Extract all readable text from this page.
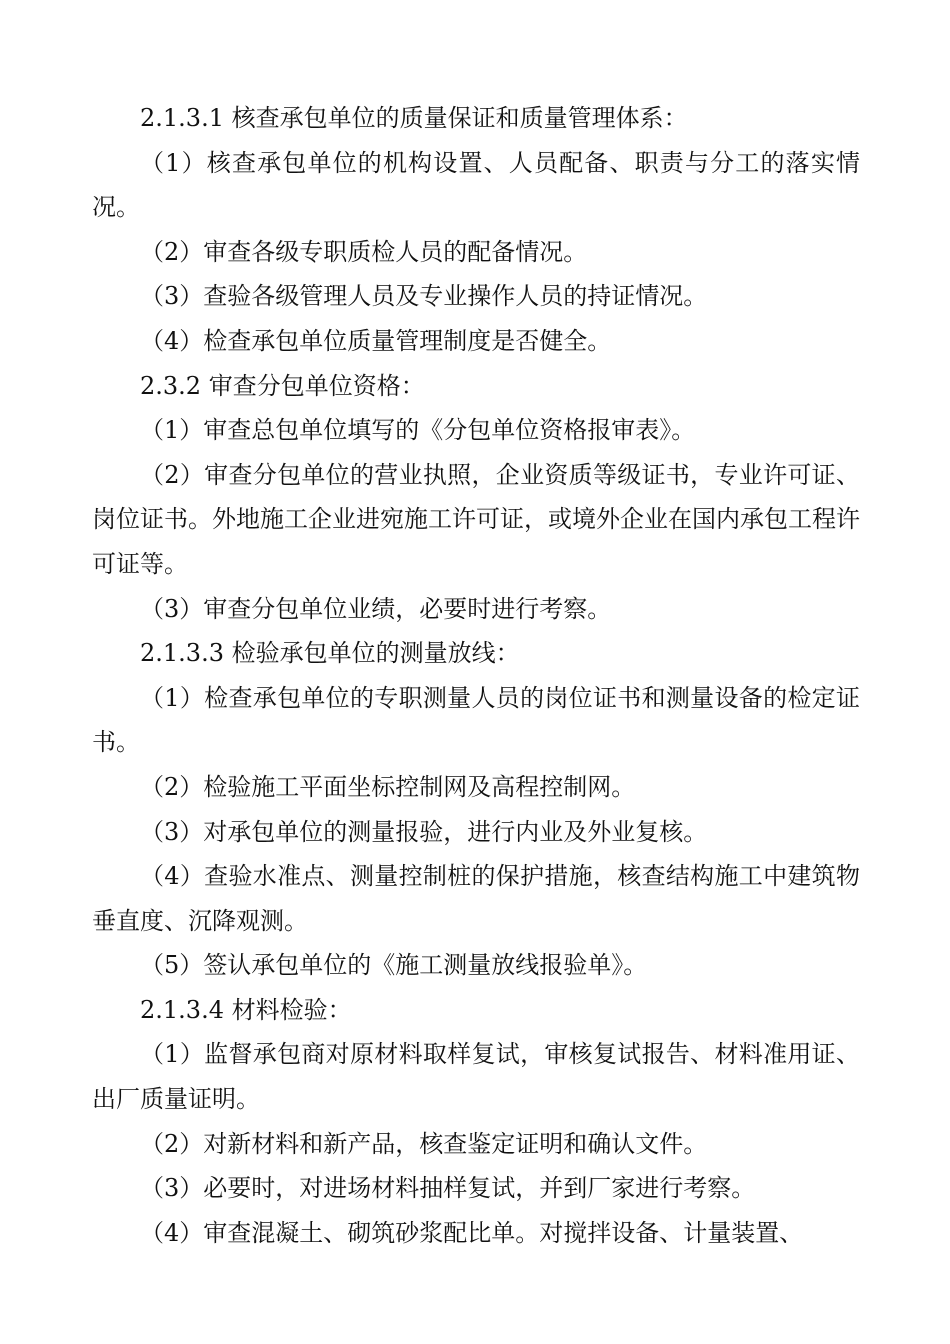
2.1.3.1 核查承包单位的质量保证和质量管理体系：

（1）核查承包单位的机构设置、人员配备、职责与分工的落实情况。

（2）审查各级专职质检人员的配备情况。

（3）查验各级管理人员及专业操作人员的持证情况。

（4）检查承包单位质量管理制度是否健全。

2.3.2 审查分包单位资格：

（1）审查总包单位填写的《分包单位资格报审表》。

（2）审查分包单位的营业执照，企业资质等级证书，专业许可证、岗位证书。外地施工企业进宛施工许可证，或境外企业在国内承包工程许可证等。

（3）审查分包单位业绩，必要时进行考察。

2.1.3.3 检验承包单位的测量放线：

（1）检查承包单位的专职测量人员的岗位证书和测量设备的检定证书。

（2）检验施工平面坐标控制网及高程控制网。

（3）对承包单位的测量报验，进行内业及外业复核。

（4）查验水准点、测量控制桩的保护措施，核查结构施工中建筑物垂直度、沉降观测。

（5）签认承包单位的《施工测量放线报验单》。

2.1.3.4 材料检验：

（1）监督承包商对原材料取样复试，审核复试报告、材料准用证、出厂质量证明。

（2）对新材料和新产品，核查鉴定证明和确认文件。

（3）必要时，对进场材料抽样复试，并到厂家进行考察。

（4）审查混凝土、砌筑砂浆配比单。对搅拌设备、计量装置、
